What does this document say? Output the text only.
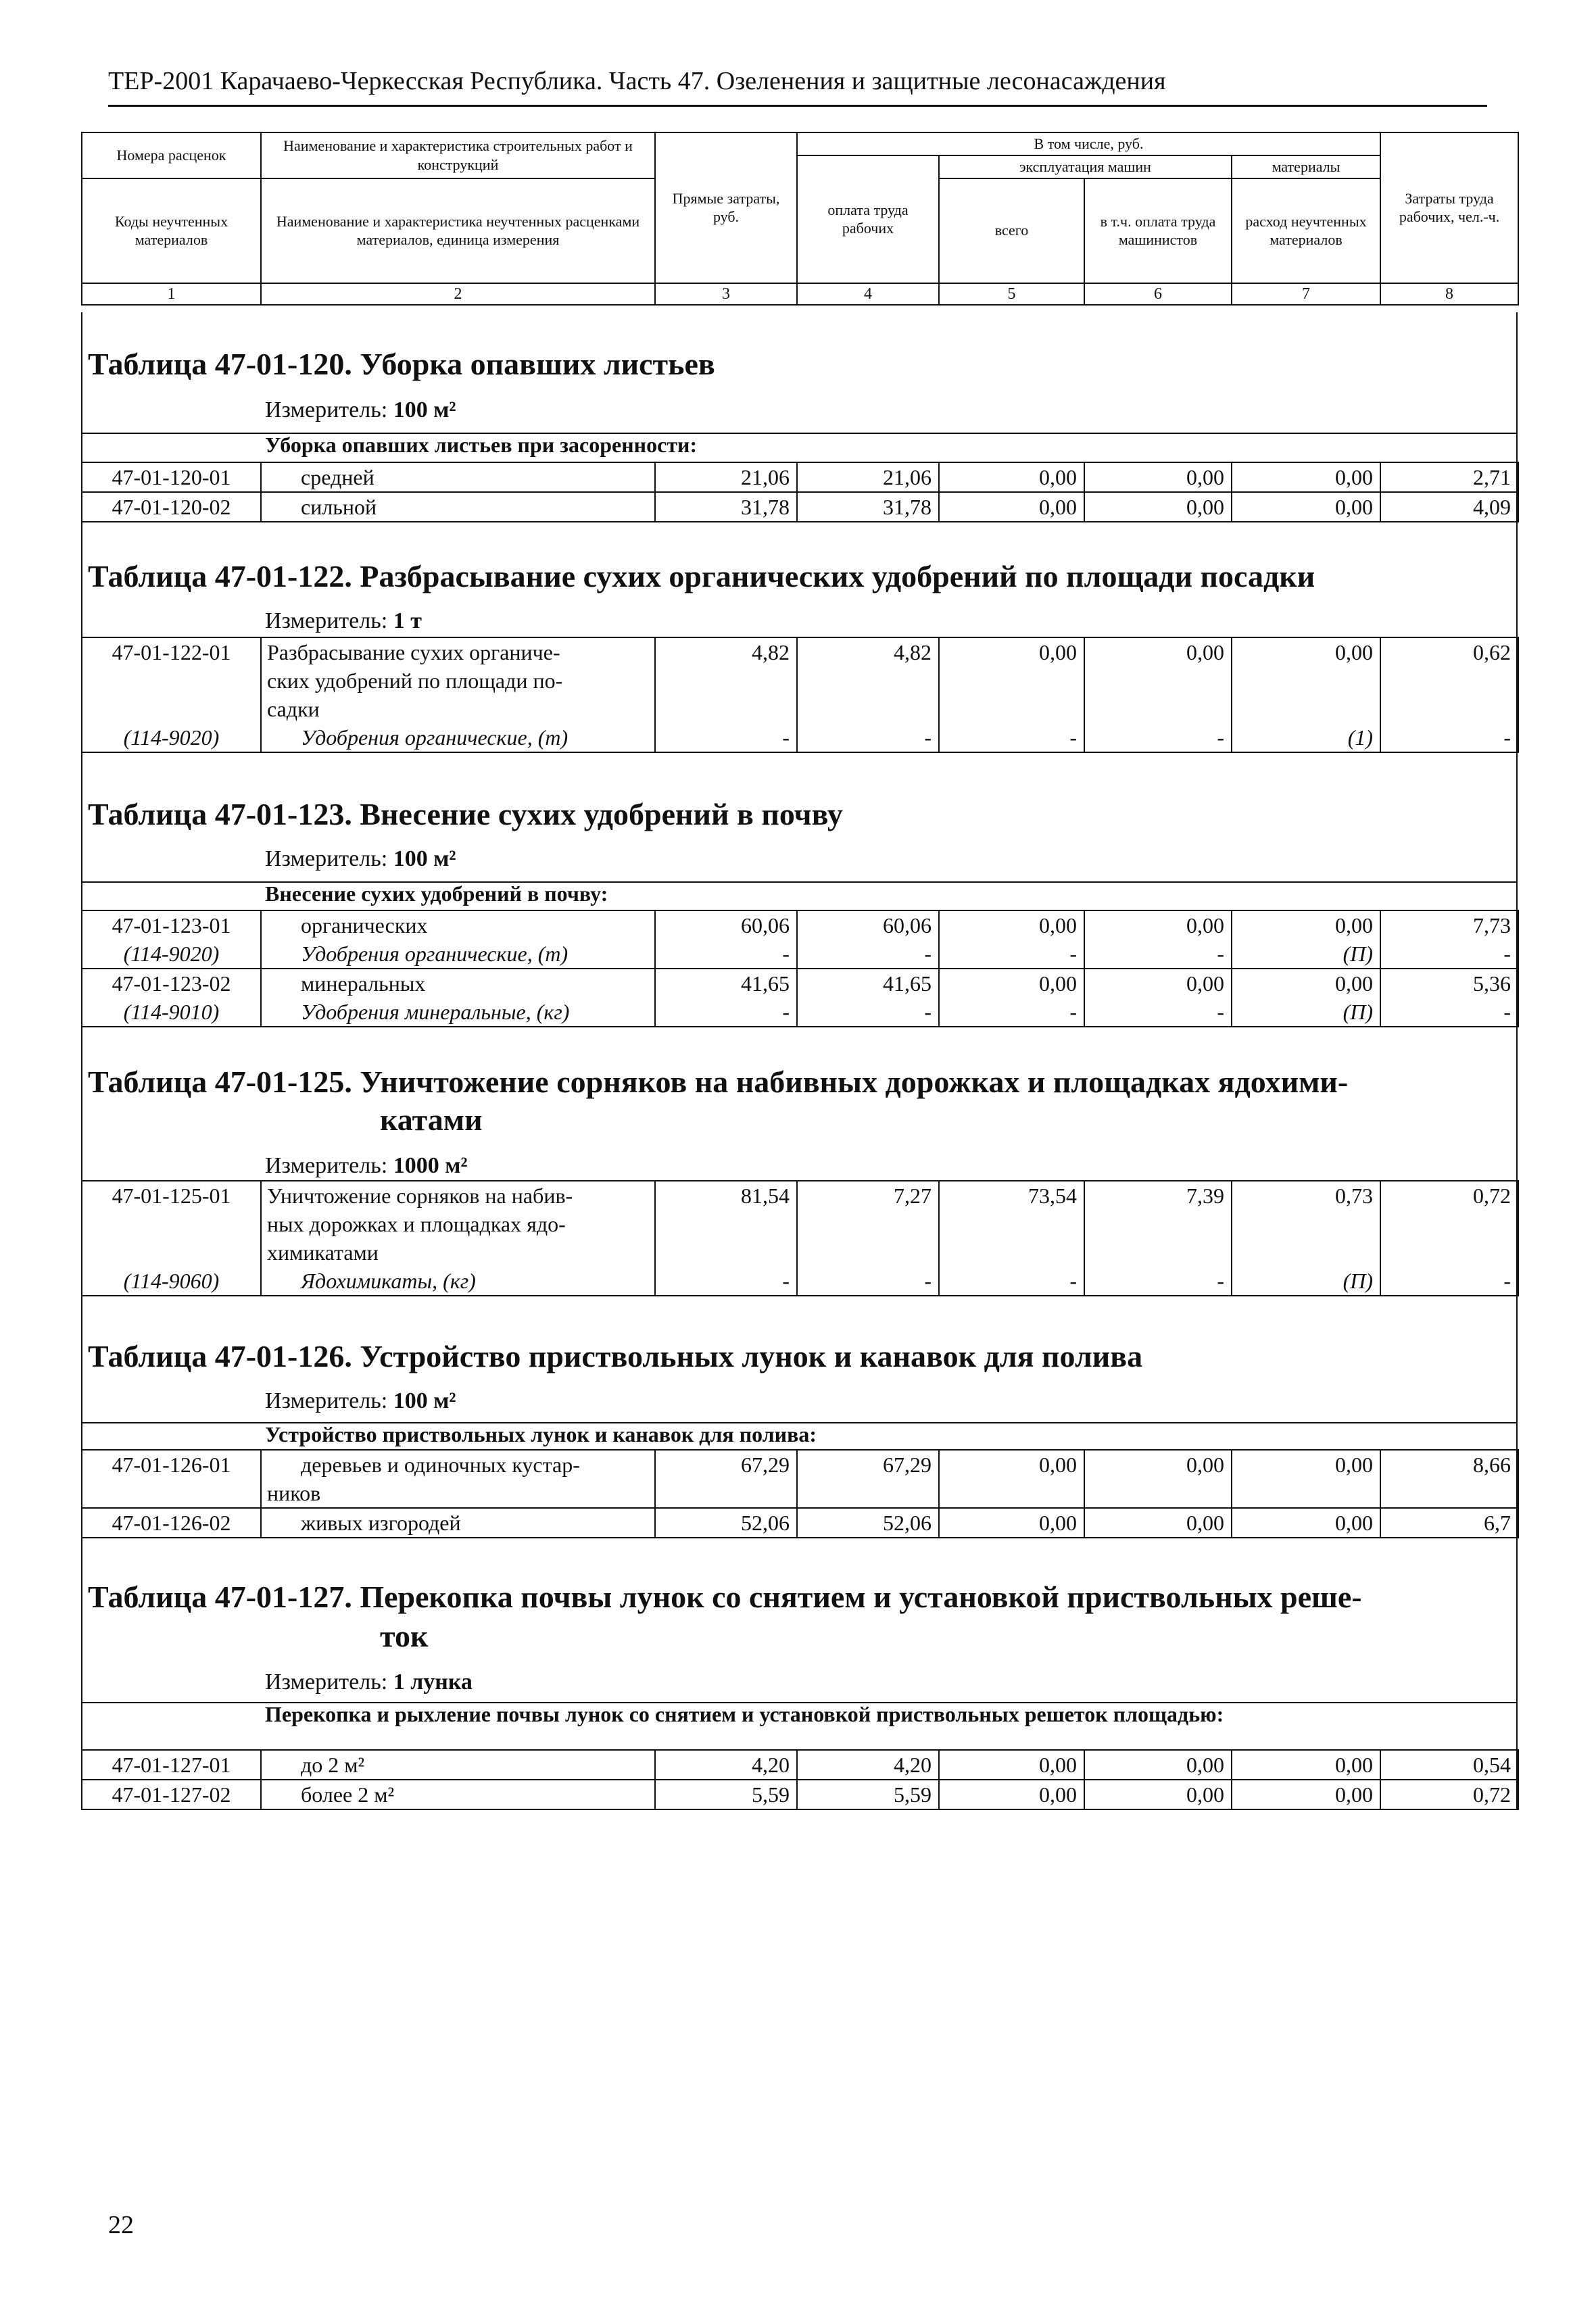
ТЕР-2001 Карачаево-Черкесская Республика. Часть 47. Озеленения и защитные лесонасаждения
Номера расценок	Наименование и характеристика строительных работ и конструкций	Прямые затраты, руб.	В том числе, руб.				Затраты труда рабочих, чел.-ч.
			оплата труда рабочих	эксплуатация машин		материалы	
Коды неучтенных материалов	Наименование и характеристика неучтенных расценками материалов, единица измерения			всего	в т.ч. оплата труда машинистов	расход неучтенных материалов	

1	2	3	4	5	6	7	8
Таблица 47-01-120. Уборка опавших листьев
Измеритель: 100 м²
Уборка опавших листьев при засоренности:
47-01-120-01	средней	21,06	21,06	0,00	0,00	0,00	2,71
47-01-120-02	сильной	31,78	31,78	0,00	0,00	0,00	4,09
Таблица 47-01-122. Разбрасывание сухих органических удобрений по площади посадки
Измеритель: 1 т
47-01-122-01	Разбрасывание сухих органиче-
ских удобрений по площади по-
садки	4,82	4,82	0,00	0,00	0,00	0,62
(114-9020)	Удобрения органические, (т)	-	-	-	-	(1)	-
Таблица 47-01-123. Внесение сухих удобрений в почву
Измеритель: 100 м²
Внесение сухих удобрений в почву:
47-01-123-01	органических	60,06	60,06	0,00	0,00	0,00	7,73
(114-9020)	Удобрения органические, (т)	-	-	-	-	(П)	-
47-01-123-02	минеральных	41,65	41,65	0,00	0,00	0,00	5,36
(114-9010)	Удобрения минеральные, (кг)	-	-	-	-	(П)	-
Таблица 47-01-125. Уничтожение сорняков на набивных дорожках и площадках ядохими-
катами
Измеритель: 1000 м²
47-01-125-01	Уничтожение сорняков на набив-
ных дорожках и площадках ядо-
химикатами	81,54	7,27	73,54	7,39	0,73	0,72
(114-9060)	Ядохимикаты, (кг)	-	-	-	-	(П)	-
Таблица 47-01-126. Устройство приствольных лунок и канавок для полива
Измеритель: 100 м²
Устройство приствольных лунок и канавок для полива:
47-01-126-01	деревьев и одиночных кустар-
ников	67,29	67,29	0,00	0,00	0,00	8,66
47-01-126-02	живых изгородей	52,06	52,06	0,00	0,00	0,00	6,7
Таблица 47-01-127. Перекопка почвы лунок со снятием и установкой приствольных реше-
ток
Измеритель: 1 лунка
Перекопка и рыхление почвы лунок со снятием и установкой приствольных решеток площадью:
47-01-127-01	до 2 м²	4,20	4,20	0,00	0,00	0,00	0,54
47-01-127-02	более 2 м²	5,59	5,59	0,00	0,00	0,00	0,72
22
